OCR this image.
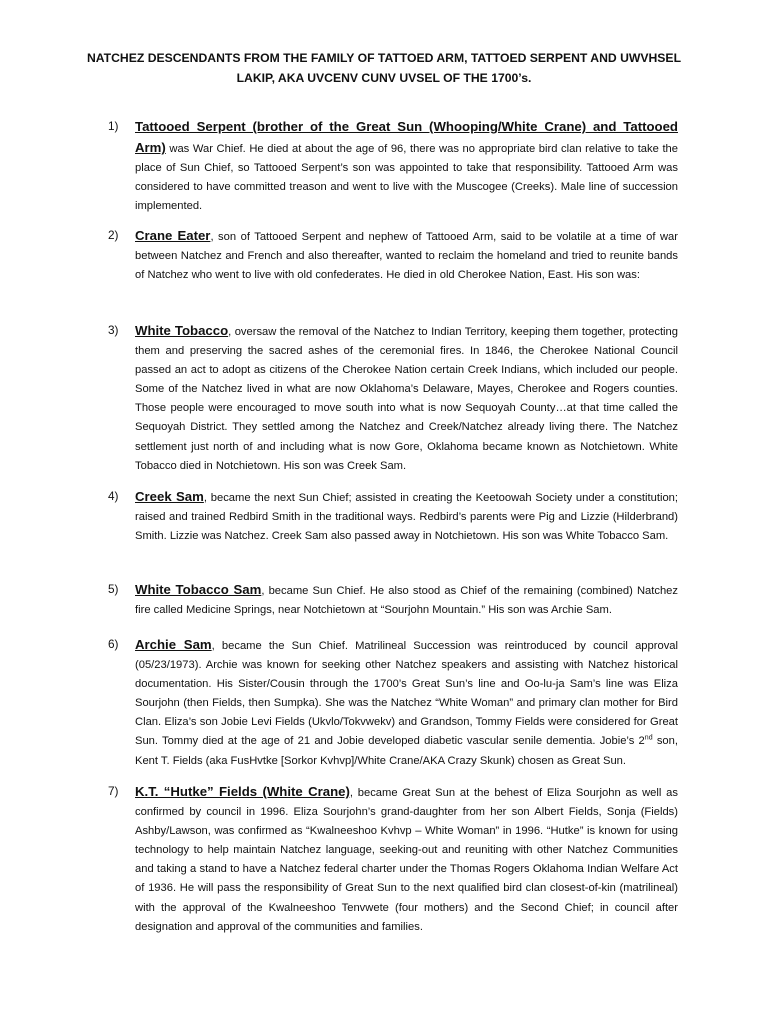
NATCHEZ DESCENDANTS FROM THE FAMILY OF TATTOED ARM, TATTOED SERPENT AND UWVHSEL
LAKIP, AKA UVCENV CUNV UVSEL OF THE 1700’s.
1) Tattooed Serpent (brother of the Great Sun (Whooping/White Crane) and Tattooed Arm) was War Chief. He died at about the age of 96, there was no appropriate bird clan relative to take the place of Sun Chief, so Tattooed Serpent’s son was appointed to take that responsibility. Tattooed Arm was considered to have committed treason and went to live with the Muscogee (Creeks). Male line of succession implemented.
2) Crane Eater, son of Tattooed Serpent and nephew of Tattooed Arm, said to be volatile at a time of war between Natchez and French and also thereafter, wanted to reclaim the homeland and tried to reunite bands of Natchez who went to live with old confederates. He died in old Cherokee Nation, East. His son was:
3) White Tobacco, oversaw the removal of the Natchez to Indian Territory, keeping them together, protecting them and preserving the sacred ashes of the ceremonial fires. In 1846, the Cherokee National Council passed an act to adopt as citizens of the Cherokee Nation certain Creek Indians, which included our people. Some of the Natchez lived in what are now Oklahoma’s Delaware, Mayes, Cherokee and Rogers counties. Those people were encouraged to move south into what is now Sequoyah County…at that time called the Sequoyah District. They settled among the Natchez and Creek/Natchez already living there. The Natchez settlement just north of and including what is now Gore, Oklahoma became known as Notchietown. White Tobacco died in Notchietown. His son was Creek Sam.
4) Creek Sam, became the next Sun Chief; assisted in creating the Keetoowah Society under a constitution; raised and trained Redbird Smith in the traditional ways. Redbird’s parents were Pig and Lizzie (Hilderbrand) Smith. Lizzie was Natchez. Creek Sam also passed away in Notchietown. His son was White Tobacco Sam.
5) White Tobacco Sam, became Sun Chief. He also stood as Chief of the remaining (combined) Natchez fire called Medicine Springs, near Notchietown at “Sourjohn Mountain.” His son was Archie Sam.
6) Archie Sam, became the Sun Chief. Matrilineal Succession was reintroduced by council approval (05/23/1973). Archie was known for seeking other Natchez speakers and assisting with Natchez historical documentation. His Sister/Cousin through the 1700’s Great Sun’s line and Oo-lu-ja Sam’s line was Eliza Sourjohn (then Fields, then Sumpka). She was the Natchez “White Woman” and primary clan mother for Bird Clan. Eliza’s son Jobie Levi Fields (Ukvlo/Tokvwekv) and Grandson, Tommy Fields were considered for Great Sun. Tommy died at the age of 21 and Jobie developed diabetic vascular senile dementia. Jobie’s 2nd son, Kent T. Fields (aka FusHvtke [Sorkor Kvhvp]/White Crane/AKA Crazy Skunk) chosen as Great Sun.
7) K.T. “Hutke” Fields (White Crane), became Great Sun at the behest of Eliza Sourjohn as well as confirmed by council in 1996. Eliza Sourjohn’s grand-daughter from her son Albert Fields, Sonja (Fields) Ashby/Lawson, was confirmed as “Kwalneeshoo Kvhvp – White Woman” in 1996. “Hutke” is known for using technology to help maintain Natchez language, seeking-out and reuniting with other Natchez Communities and taking a stand to have a Natchez federal charter under the Thomas Rogers Oklahoma Indian Welfare Act of 1936. He will pass the responsibility of Great Sun to the next qualified bird clan closest-of-kin (matrilineal) with the approval of the Kwalneeshoo Tenvwete (four mothers) and the Second Chief; in council after designation and approval of the communities and families.
